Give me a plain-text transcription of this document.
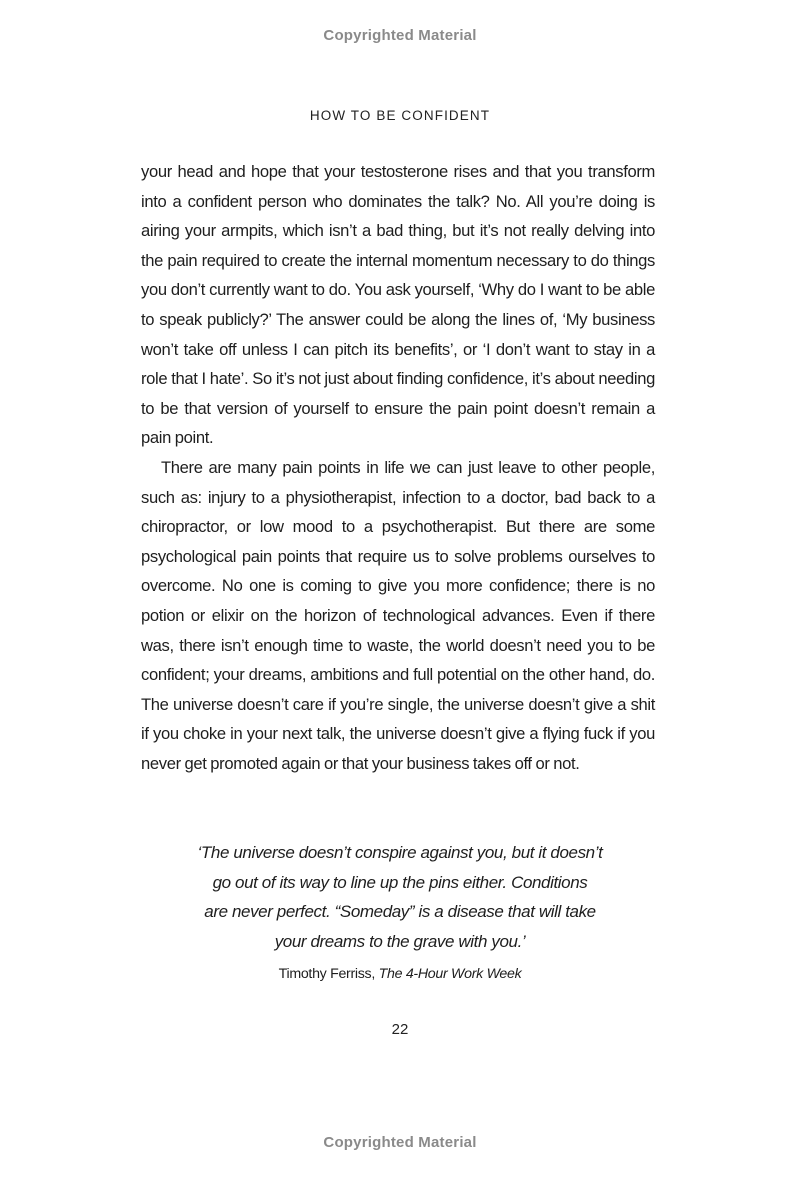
Copyrighted Material
HOW TO BE CONFIDENT

your head and hope that your testosterone rises and that you transform into a confident person who dominates the talk? No. All you’re doing is airing your armpits, which isn’t a bad thing, but it’s not really delving into the pain required to create the internal momentum necessary to do things you don’t currently want to do. You ask yourself, ‘Why do I want to be able to speak publicly?’ The answer could be along the lines of, ‘My business won’t take off unless I can pitch its benefits’, or ‘I don’t want to stay in a role that I hate’. So it’s not just about finding confidence, it’s about needing to be that version of yourself to ensure the pain point doesn’t remain a pain point.

There are many pain points in life we can just leave to other people, such as: injury to a physiotherapist, infection to a doctor, bad back to a chiropractor, or low mood to a psychotherapist. But there are some psychological pain points that require us to solve problems ourselves to overcome. No one is coming to give you more confidence; there is no potion or elixir on the horizon of technological advances. Even if there was, there isn’t enough time to waste, the world doesn’t need you to be confident; your dreams, ambitions and full potential on the other hand, do. The universe doesn’t care if you’re single, the universe doesn’t give a shit if you choke in your next talk, the universe doesn’t give a flying fuck if you never get promoted again or that your business takes off or not.

‘The universe doesn’t conspire against you, but it doesn’t
go out of its way to line up the pins either. Conditions
are never perfect. “Someday” is a disease that will take
your dreams to the grave with you.’
Timothy Ferriss, The 4-Hour Work Week
22
Copyrighted Material
